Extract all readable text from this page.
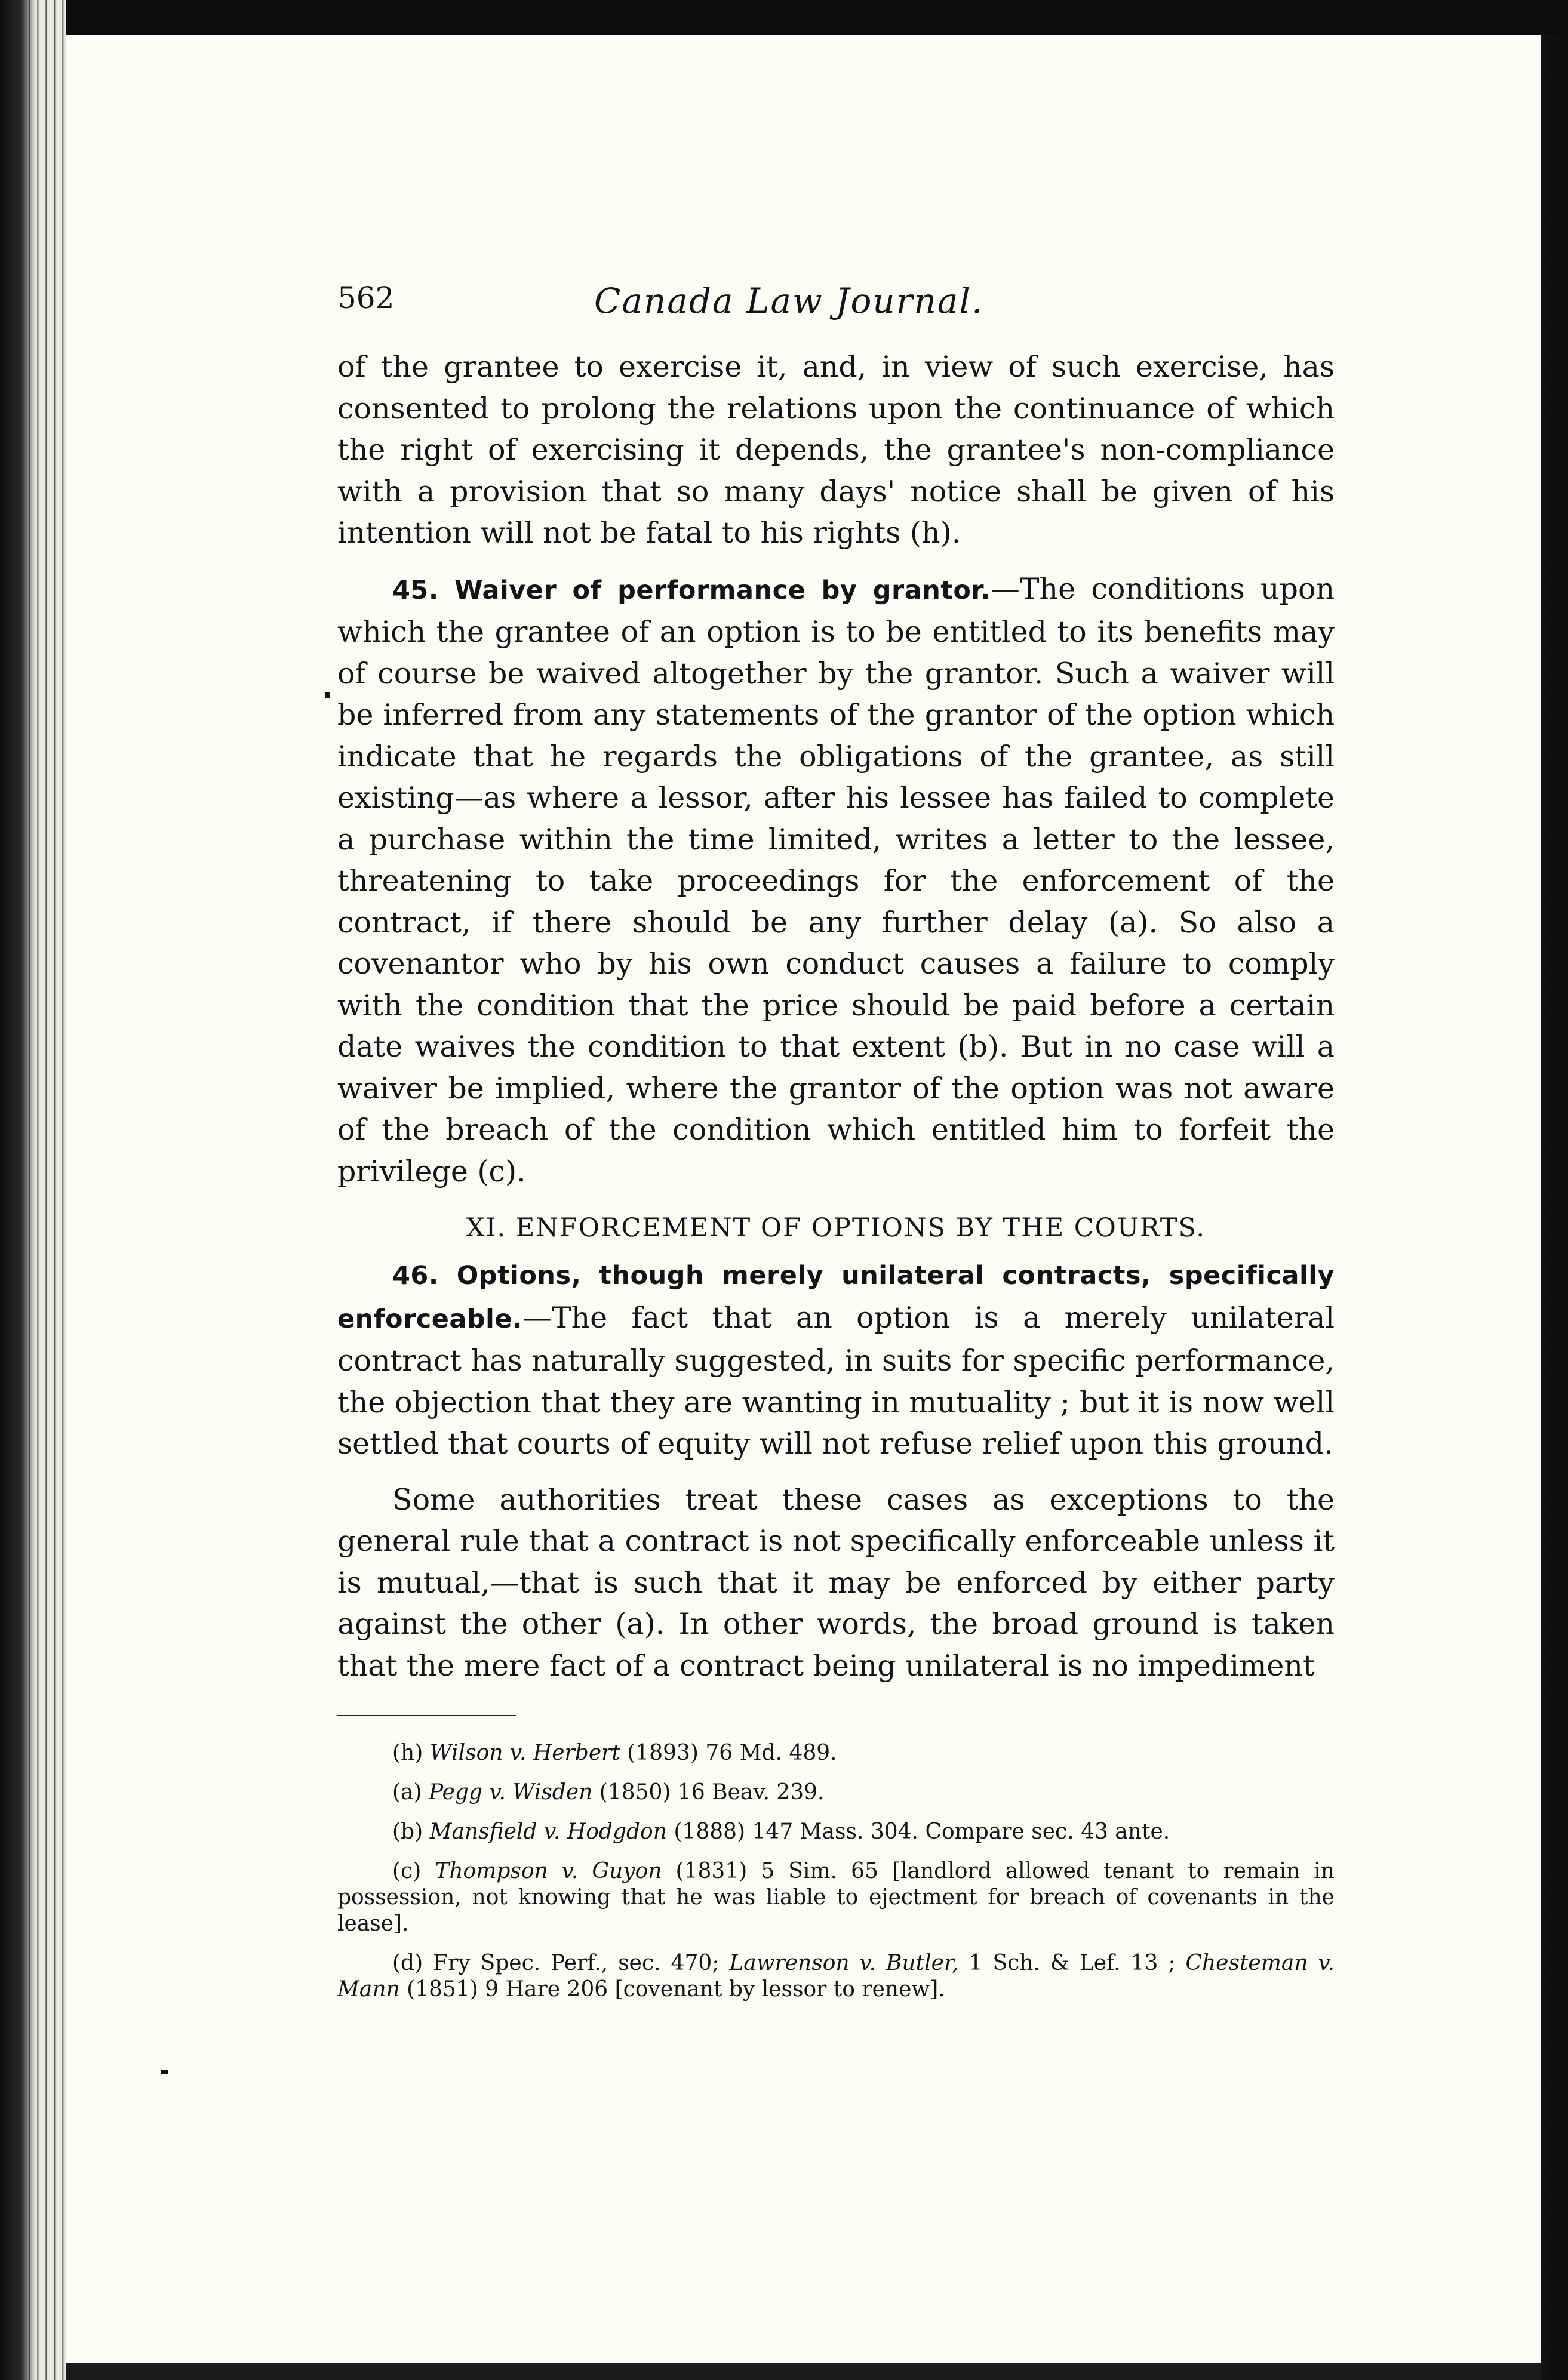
562	Canada Law Journal.

of the grantee to exercise it, and, in view of such exercise, has consented to prolong the relations upon the continuance of which the right of exercising it depends, the grantee's non-compliance with a provision that so many days' notice shall be given of his intention will not be fatal to his rights (h).

45. Waiver of performance by grantor.—The conditions upon which the grantee of an option is to be entitled to its benefits may of course be waived altogether by the grantor. Such a waiver will be inferred from any statements of the grantor of the option which indicate that he regards the obligations of the grantee, as still existing—as where a lessor, after his lessee has failed to complete a purchase within the time limited, writes a letter to the lessee, threatening to take proceedings for the enforcement of the contract, if there should be any further delay (a). So also a covenantor who by his own conduct causes a failure to comply with the condition that the price should be paid before a certain date waives the condition to that extent (b). But in no case will a waiver be implied, where the grantor of the option was not aware of the breach of the condition which entitled him to forfeit the privilege (c).

XI. ENFORCEMENT OF OPTIONS BY THE COURTS.

46. Options, though merely unilateral contracts, specifically enforceable.—The fact that an option is a merely unilateral contract has naturally suggested, in suits for specific performance, the objection that they are wanting in mutuality ; but it is now well settled that courts of equity will not refuse relief upon this ground.

Some authorities treat these cases as exceptions to the general rule that a contract is not specifically enforceable unless it is mutual,—that is such that it may be enforced by either party against the other (a). In other words, the broad ground is taken that the mere fact of a contract being unilateral is no impediment

(h) Wilson v. Herbert (1893) 76 Md. 489.

(a) Pegg v. Wisden (1850) 16 Beav. 239.

(b) Mansfield v. Hodgdon (1888) 147 Mass. 304. Compare sec. 43 ante.

(c) Thompson v. Guyon (1831) 5 Sim. 65 [landlord allowed tenant to remain in possession, not knowing that he was liable to ejectment for breach of covenants in the lease].

(d) Fry Spec. Perf., sec. 470; Lawrenson v. Butler, 1 Sch. & Lef. 13 ; Chesteman v. Mann (1851) 9 Hare 206 [covenant by lessor to renew].
